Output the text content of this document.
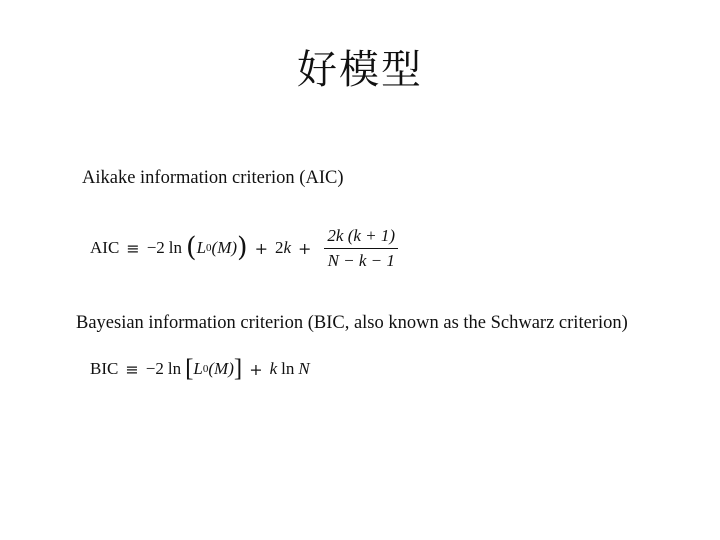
好模型
Aikake information criterion (AIC)
AIC ≡ −2 ln ( L 0 (M) ) + 2 $k + \frac{2k (k + 1)}{N - k - 1}$
Bayesian information criterion (BIC, also known as the Schwarz criterion)
BIC ≡ −2 ln [ L 0 (M) ] + k ln N
